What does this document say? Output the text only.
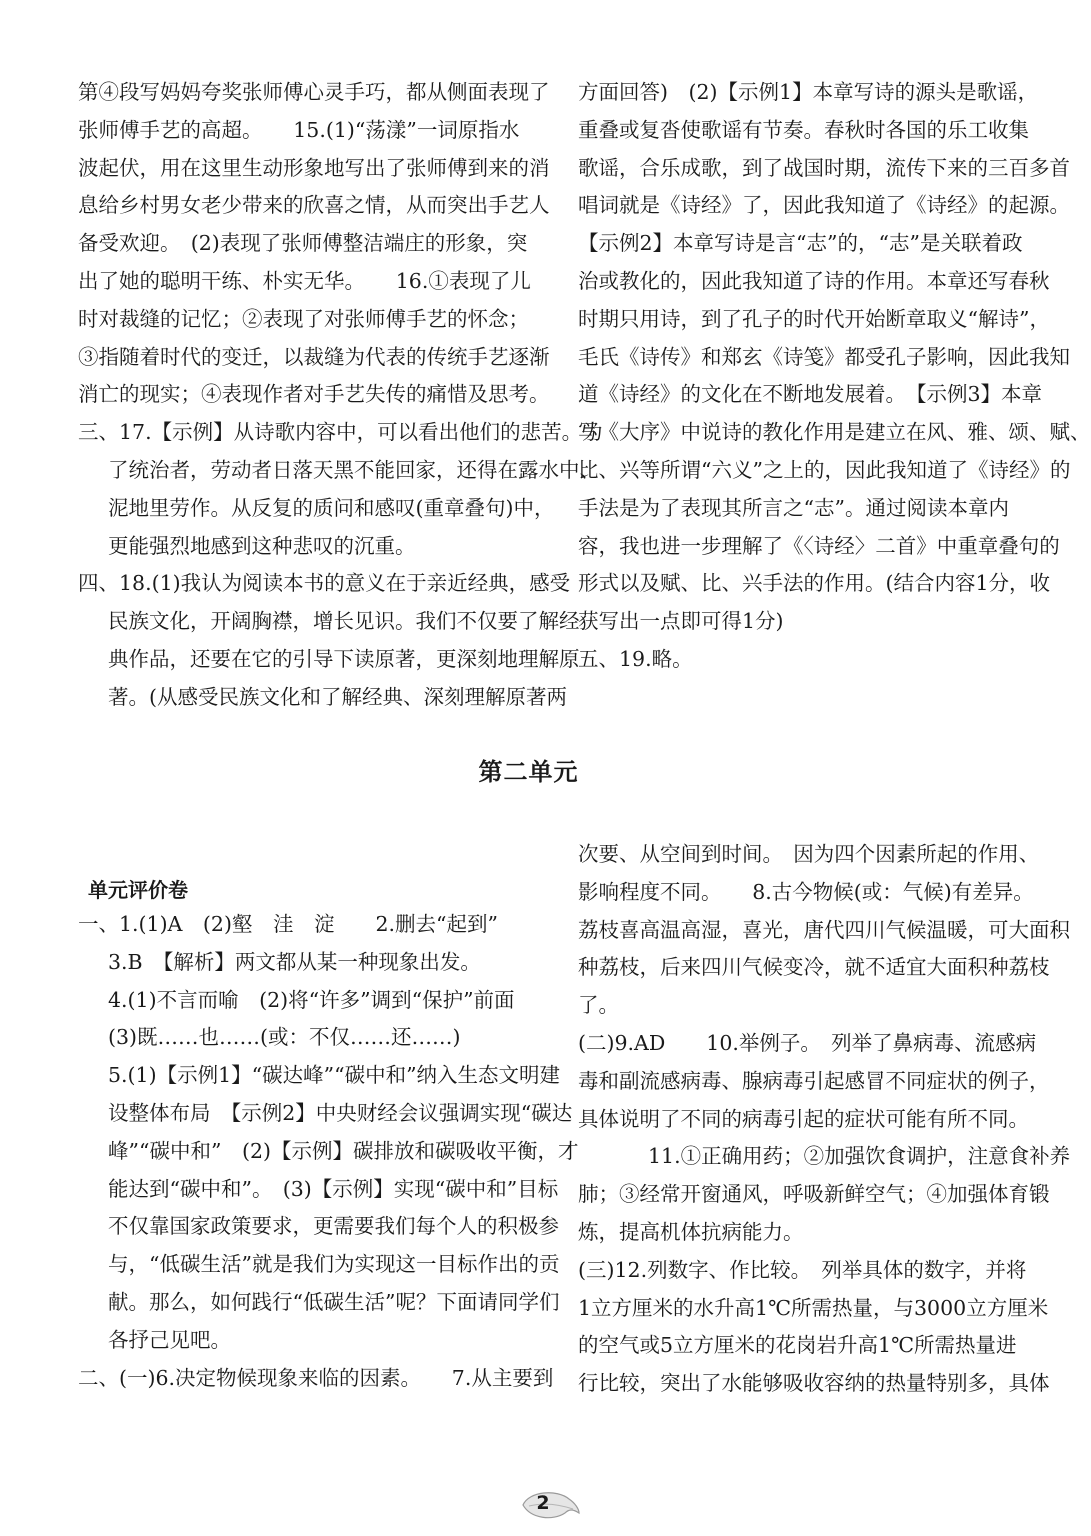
第④段写妈妈夸奖张师傅心灵手巧，都从侧面表现了
张师傅手艺的高超。　　15.(1)“荡漾”一词原指水
波起伏，用在这里生动形象地写出了张师傅到来的消
息给乡村男女老少带来的欣喜之情，从而突出手艺人
备受欢迎。　(2)表现了张师傅整洁端庄的形象，突
出了她的聪明干练、朴实无华。　　16.①表现了儿
时对裁缝的记忆；②表现了对张师傅手艺的怀念；
③指随着时代的变迁，以裁缝为代表的传统手艺逐渐
消亡的现实；④表现作者对手艺失传的痛惜及思考。
三、17.【示例】从诗歌内容中，可以看出他们的悲苦。为
了统治者，劳动者日落天黑不能回家，还得在露水中、
泥地里劳作。从反复的质问和感叹(重章叠句)中，
更能强烈地感到这种悲叹的沉重。
四、18.(1)我认为阅读本书的意义在于亲近经典，感受
民族文化，开阔胸襟，增长见识。我们不仅要了解经
典作品，还要在它的引导下读原著，更深刻地理解原
著。(从感受民族文化和了解经典、深刻理解原著两
方面回答)　(2)【示例1】本章写诗的源头是歌谣，
重叠或复沓使歌谣有节奏。春秋时各国的乐工收集
歌谣，合乐成歌，到了战国时期，流传下来的三百多首
唱词就是《诗经》了，因此我知道了《诗经》的起源。
【示例2】本章写诗是言“志”的，“志”是关联着政
治或教化的，因此我知道了诗的作用。本章还写春秋
时期只用诗，到了孔子的时代开始断章取义“解诗”，
毛氏《诗传》和郑玄《诗笺》都受孔子影响，因此我知
道《诗经》的文化在不断地发展着。　【示例3】本章
写《大序》中说诗的教化作用是建立在风、雅、颂、赋、
比、兴等所谓“六义”之上的，因此我知道了《诗经》的
手法是为了表现其所言之“志”。通过阅读本章内
容，我也进一步理解了《〈诗经〉二首》中重章叠句的
形式以及赋、比、兴手法的作用。(结合内容1分，收
获写出一点即可得1分)
五、19.略。
第二单元
单元评价卷
一、1.(1)A　(2)壑　洼　淀　　2.删去“起到”
3.B　【解析】两文都从某一种现象出发。
4.(1)不言而喻　(2)将“许多”调到“保护”前面
(3)既……也……(或：不仅……还……)
5.(1)【示例1】“碳达峰”“碳中和”纳入生态文明建
设整体布局　【示例2】中央财经会议强调实现“碳达
峰”“碳中和”　(2)【示例】碳排放和碳吸收平衡，才
能达到“碳中和”。　(3)【示例】实现“碳中和”目标
不仅靠国家政策要求，更需要我们每个人的积极参
与，“低碳生活”就是我们为实现这一目标作出的贡
献。那么，如何践行“低碳生活”呢？下面请同学们
各抒己见吧。
二、(一)6.决定物候现象来临的因素。　　7.从主要到
次要、从空间到时间。　因为四个因素所起的作用、
影响程度不同。　　8.古今物候(或：气候)有差异。
荔枝喜高温高湿，喜光，唐代四川气候温暖，可大面积
种荔枝，后来四川气候变冷，就不适宜大面积种荔枝
了。
(二)9.AD　　10.举例子。　列举了鼻病毒、流感病
毒和副流感病毒、腺病毒引起感冒不同症状的例子，
具体说明了不同的病毒引起的症状可能有所不同。
11.①正确用药；②加强饮食调护，注意食补养
肺；③经常开窗通风，呼吸新鲜空气；④加强体育锻
炼，提高机体抗病能力。
(三)12.列数字、作比较。　列举具体的数字，并将
1立方厘米的水升高1℃所需热量，与3000立方厘米
的空气或5立方厘米的花岗岩升高1℃所需热量进
行比较，突出了水能够吸收容纳的热量特别多，具体
2
